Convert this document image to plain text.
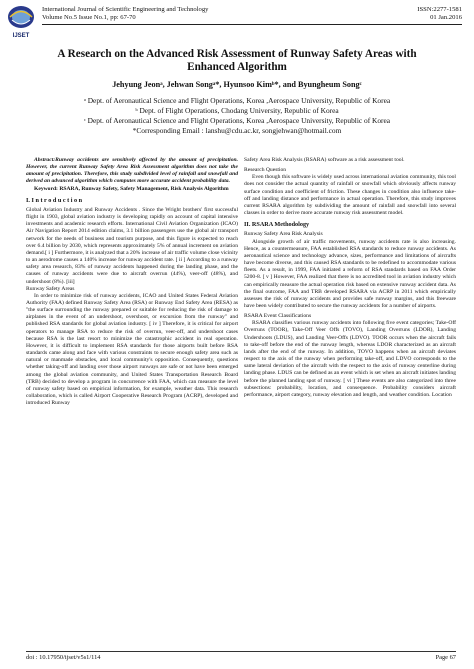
IJSET
International Journal of Scientific Engineering and Technology
Volume No.5 Issue No.1, pp: 67-70
ISSN:2277-1581
01 Jan.2016
A Research on the Advanced Risk Assessment of Runway Safety Areas with
Enhanced Algorithm
Jehyung Jeonᵃ, Jehwan Songᵃ*, Hyunsoo Kimᵇ*, and Byungheum Songᶜ
ᵃ Dept. of Aeronautical Science and Flight Operations, Korea ,Aerospace University, Republic of Korea
ᵇ Dept. of Flight Operations, Chodang University, Republic of Korea
ᶜ Dept. of Aeronautical Science and Flight Operations, Korea ,Aerospace University, Republic of Korea
*Corresponding Email : lanshu@cdu.ac.kr, songjehwan@hotmail.com

Abstract:Runway accidents are sensitively affected by the amount of precipitation. However, the current Runway Safety Area Risk Assessment algorithm does not take the amount of precipitation. Therefore, this study subdivided level of rainfall and snowfall and derived an advanced algorithm which computes more accurate accident probability data.

Keyword: RSARA, Runway Safety, Safety Management, Risk Analysis Algorithm

I. I n t r o d u c t i o n

Global Aviation Industry and Runway Accidents . Since the Wright brothers' first successful flight in 1903, global aviation industry is developing rapidly on account of capital intensive investments and academic research efforts. International Civil Aviation Organization (ICAO) Air Navigation Report 2014 edition claims, 3.1 billion passengers use the global air transport network for the needs of business and tourism purpose, and this figure is expected to reach over 6.4 billion by 2030, which represents approximately 5% of annual increment on aviation demand.[ i ] Furthermore, it is analyzed that a 20% increase of air traffic volume close vicinity to an aerodrome causes a 140% increase for runway accident rate. [ ii ] According to a runway safety area research, 83% of runway accidents happened during the landing phase, and the causes of runway accidents were due to aircraft overrun (44%), veer-off (48%), and undershoot (8%). [iii]

Runway Safety Areas

In order to minimize risk of runway accidents, ICAO and United States Federal Aviation Authority (FAA) defined Runway Safety Area (RSA) or Runway End Safety Area (RESA) as "the surface surrounding the runway prepared or suitable for reducing the risk of damage to airplanes in the event of an undershoot, overshoot, or excursion from the runway" and published RSA standards for global aviation industry. [ iv ] Therefore, it is critical for airport operators to manage RSA to reduce the risk of overrun, veer-off, and undershoot cases because RSA is the last resort to minimize the catastrophic accident in real operation. However, it is difficult to implement RSA standards for those airports built before RSA standards came along and face with various constraints to secure enough safety area such as natural or manmade obstacles, and local community's opposition. Consequently, questions whether taking-off and landing over those airport runways are safe or not have been emerged among the global aviation community, and United States Transportation Research Board (TRB) decided to develop a program in concurrence with FAA, which can measure the level of runway safety based on empirical information, for example, weather data. This research collaboration, which is called Airport Cooperative Research Program (ACRP), developed and introduced Runway

Safety Area Risk Analysis (RSARA) software as a risk assessment tool.

Research Question

Even though this software is widely used across international aviation community, this tool does not consider the actual quantity of rainfall or snowfall which obviously affects runway surface condition and coefficient of friction. These changes in condition also influence take-off and landing distance and performance in actual operation. Therefore, this study improves current RSARA algorithm by subdividing the amount of rainfall and snowfall into several classes in order to derive more accurate runway risk assessment model.

II. RSARA Methodology
Runway Safety Area Risk Analysis

Alongside growth of air traffic movements, runway accidents rate is also increasing. Hence, as a countermeasure, FAA established RSA standards to reduce runway accidents. As aeronautical science and technology advance, sizes, performance and limitations of aircrafts have become diverse, and this caused RSA standards to be redefined to accommodate various fleets. As a result, in 1999, FAA initiated a reform of RSA standards based on FAA Order 5200-8. [ v ] However, FAA realized that there is no accredited tool in aviation industry which can empirically measure the actual operation risk based on extensive runway accident data. As the final outcome, FAA and TRB developed RSARA via ACRP in 2011 which empirically assesses the risk of runway accidents and provides safe runway margins, and this freeware have been widely contributed to secure the runway accidents for a number of airports.

RSARA Event Classifications

RSARA classifies various runway accidents into following five event categories; Take-Off Overruns (TOOR), Take-Off Veer Offs (TOVO), Landing Overruns (LDOR), Landing Undershoots (LDUS), and Landing Veer-Offs (LDVO). TOOR occurs when the aircraft fails to take-off before the end of the runway length, whereas LDOR characterized as an aircraft lands after the end of the runway. In addition, TOVO happens when an aircraft deviates respect to the axis of the runway when performing take-off, and LDVO corresponds to the same lateral deviation of the aircraft with the respect to the axis of runway centerline during landing phase. LDUS can be defined as an event which is set when an aircraft initiates landing before the planned landing spot of runway. [ vi ] These events are also categorized into three subsections: probability, location, and consequence. Probability considers aircraft performance, airport category, runway elevation and length, and weather condition. Location

doi : 10.17950/ijset/v5s1/114	Page 67
